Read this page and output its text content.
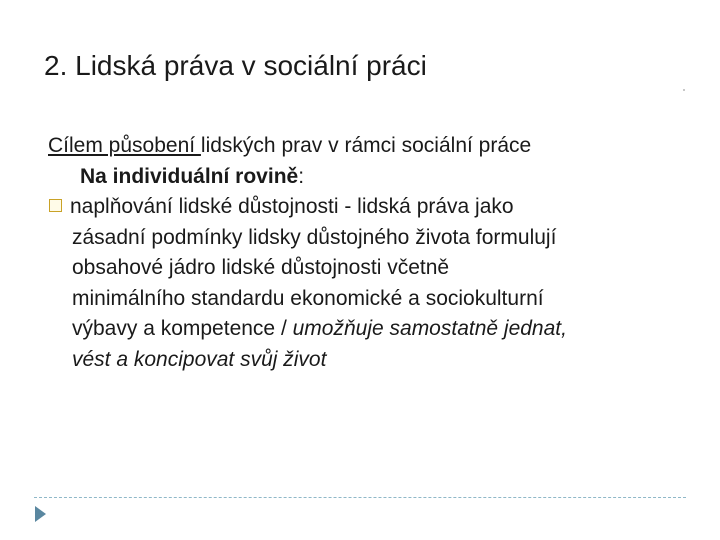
2. Lidská práva v sociální práci
Cílem působení lidských prav v rámci sociální práce
Na individuální rovině:
naplňování lidské důstojnosti - lidská práva jako
zásadní podmínky lidsky důstojného života formulují
obsahové jádro lidské důstojnosti včetně
minimálního standardu ekonomické a sociokulturní
výbavy a kompetence / umožňuje samostatně jednat,
vést a koncipovat svůj život
